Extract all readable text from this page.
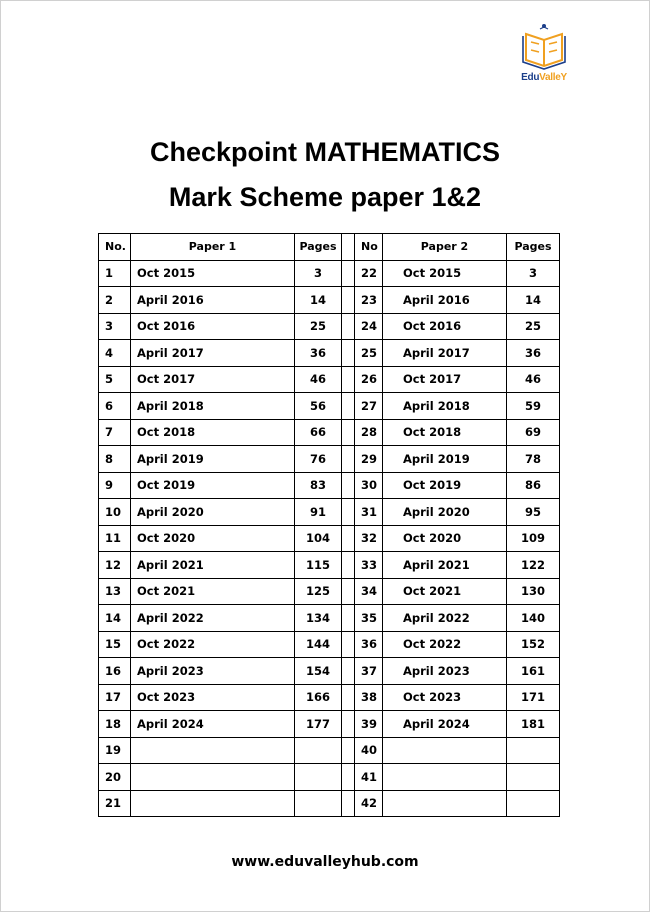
EduValleY
Checkpoint MATHEMATICS
Mark Scheme paper 1&2
No.	Paper 1	Pages		No	Paper 2	Pages
1	Oct 2015	3		22	Oct 2015	3
2	April 2016	14		23	April 2016	14
3	Oct 2016	25		24	Oct 2016	25
4	April 2017	36		25	April 2017	36
5	Oct 2017	46		26	Oct 2017	46
6	April 2018	56		27	April 2018	59
7	Oct 2018	66		28	Oct 2018	69
8	April 2019	76		29	April 2019	78
9	Oct 2019	83		30	Oct 2019	86
10	April 2020	91		31	April 2020	95
11	Oct 2020	104		32	Oct 2020	109
12	April 2021	115		33	April 2021	122
13	Oct 2021	125		34	Oct 2021	130
14	April 2022	134		35	April 2022	140
15	Oct 2022	144		36	Oct 2022	152
16	April 2023	154		37	April 2023	161
17	Oct 2023	166		38	Oct 2023	171
18	April 2024	177		39	April 2024	181
19				40		
20				41		
21				42		
www.eduvalleyhub.com
